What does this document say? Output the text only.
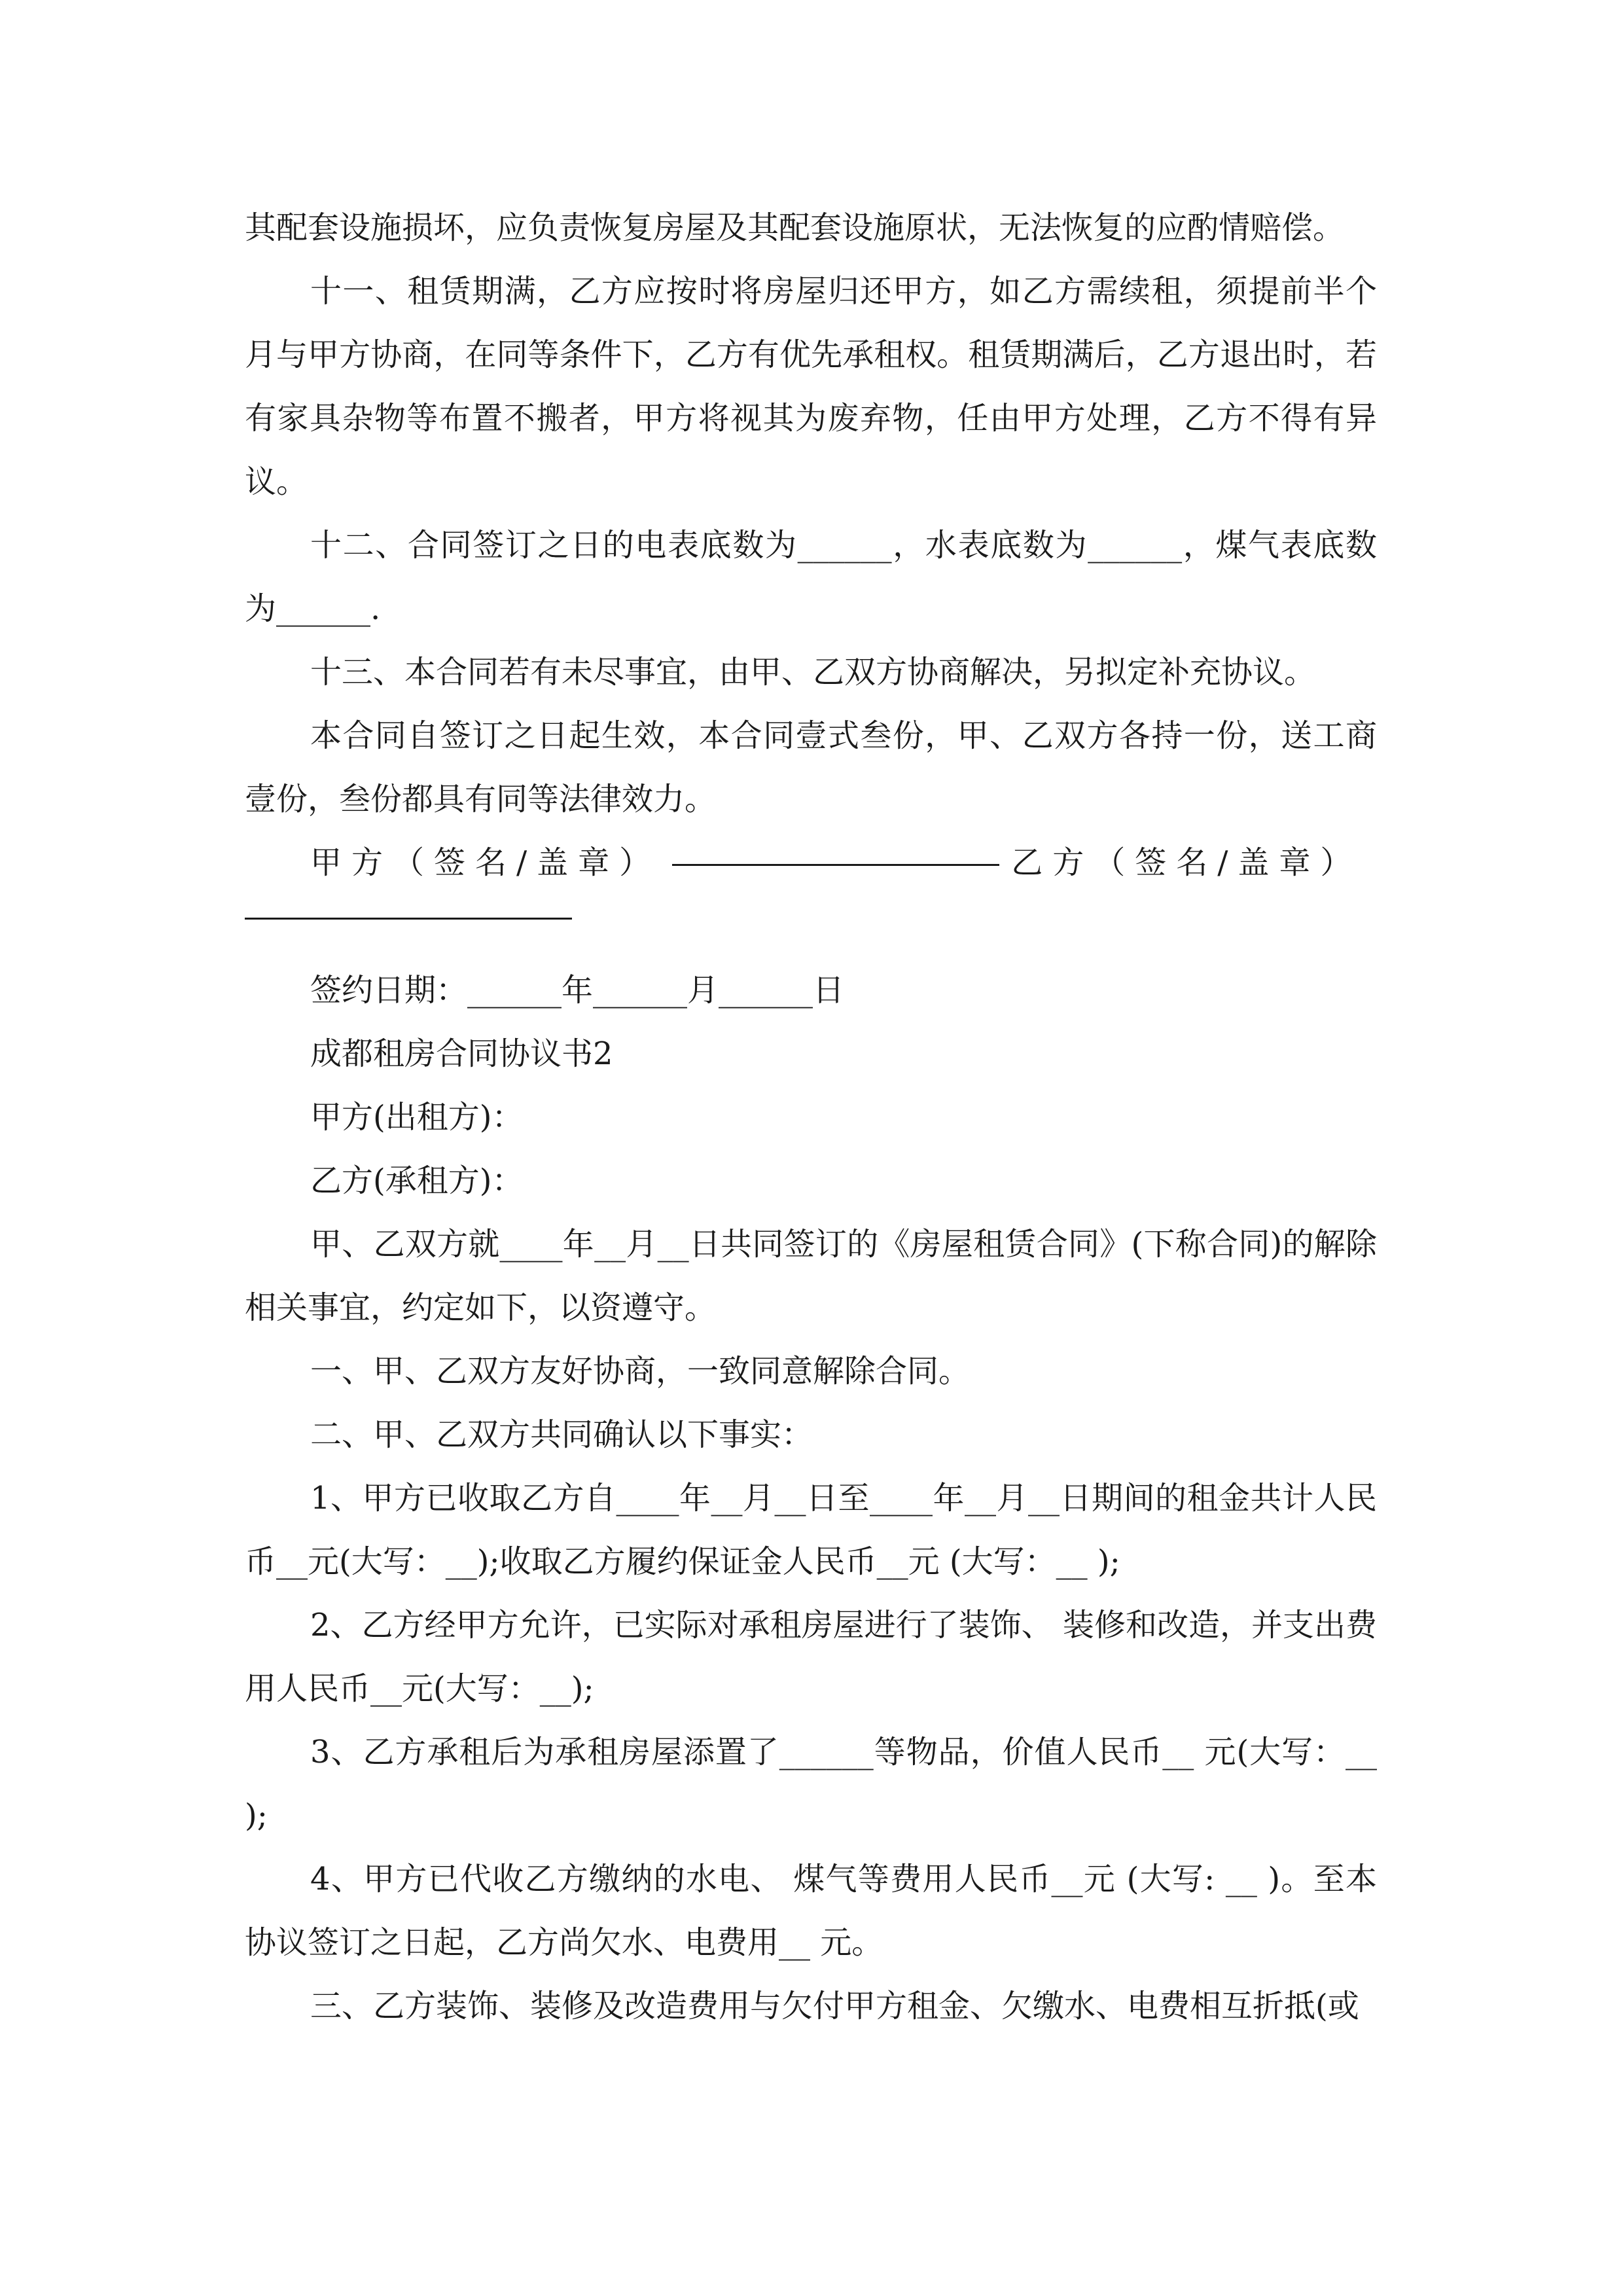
其配套设施损坏，应负责恢复房屋及其配套设施原状，无法恢复的应酌情赔偿。

十一、租赁期满，乙方应按时将房屋归还甲方，如乙方需续租，须提前半个月与甲方协商，在同等条件下，乙方有优先承租权。租赁期满后，乙方退出时，若有家具杂物等布置不搬者，甲方将视其为废弃物，任由甲方处理，乙方不得有异议。

十二、合同签订之日的电表底数为______，水表底数为______，煤气表底数为______.

十三、本合同若有未尽事宜，由甲、乙双方协商解决，另拟定补充协议。

本合同自签订之日起生效，本合同壹式叁份，甲、乙双方各持一份，送工商壹份，叁份都具有同等法律效力。

甲方（签名/盖章）	乙方（签名/盖章）

签约日期：______年______月______日

成都租房合同协议书2

甲方(出租方)：

乙方(承租方)：

甲、乙双方就____年__月__日共同签订的《房屋租赁合同》(下称合同)的解除相关事宜，约定如下，以资遵守。

一、甲、乙双方友好协商，一致同意解除合同。

二、甲、乙双方共同确认以下事实：

1、甲方已收取乙方自____年__月__日至____年__月__日期间的租金共计人民币__元(大写：__);收取乙方履约保证金人民币__元 (大写：__ );

2、乙方经甲方允许，已实际对承租房屋进行了装饰、 装修和改造，并支出费用人民币__元(大写：__);

3、乙方承租后为承租房屋添置了______等物品，价值人民币__ 元(大写：__ );

4、甲方已代收乙方缴纳的水电、 煤气等费用人民币__元 (大写: __ )。至本协议签订之日起，乙方尚欠水、电费用__ 元。

三、乙方装饰、装修及改造费用与欠付甲方租金、欠缴水、电费相互折抵(或
